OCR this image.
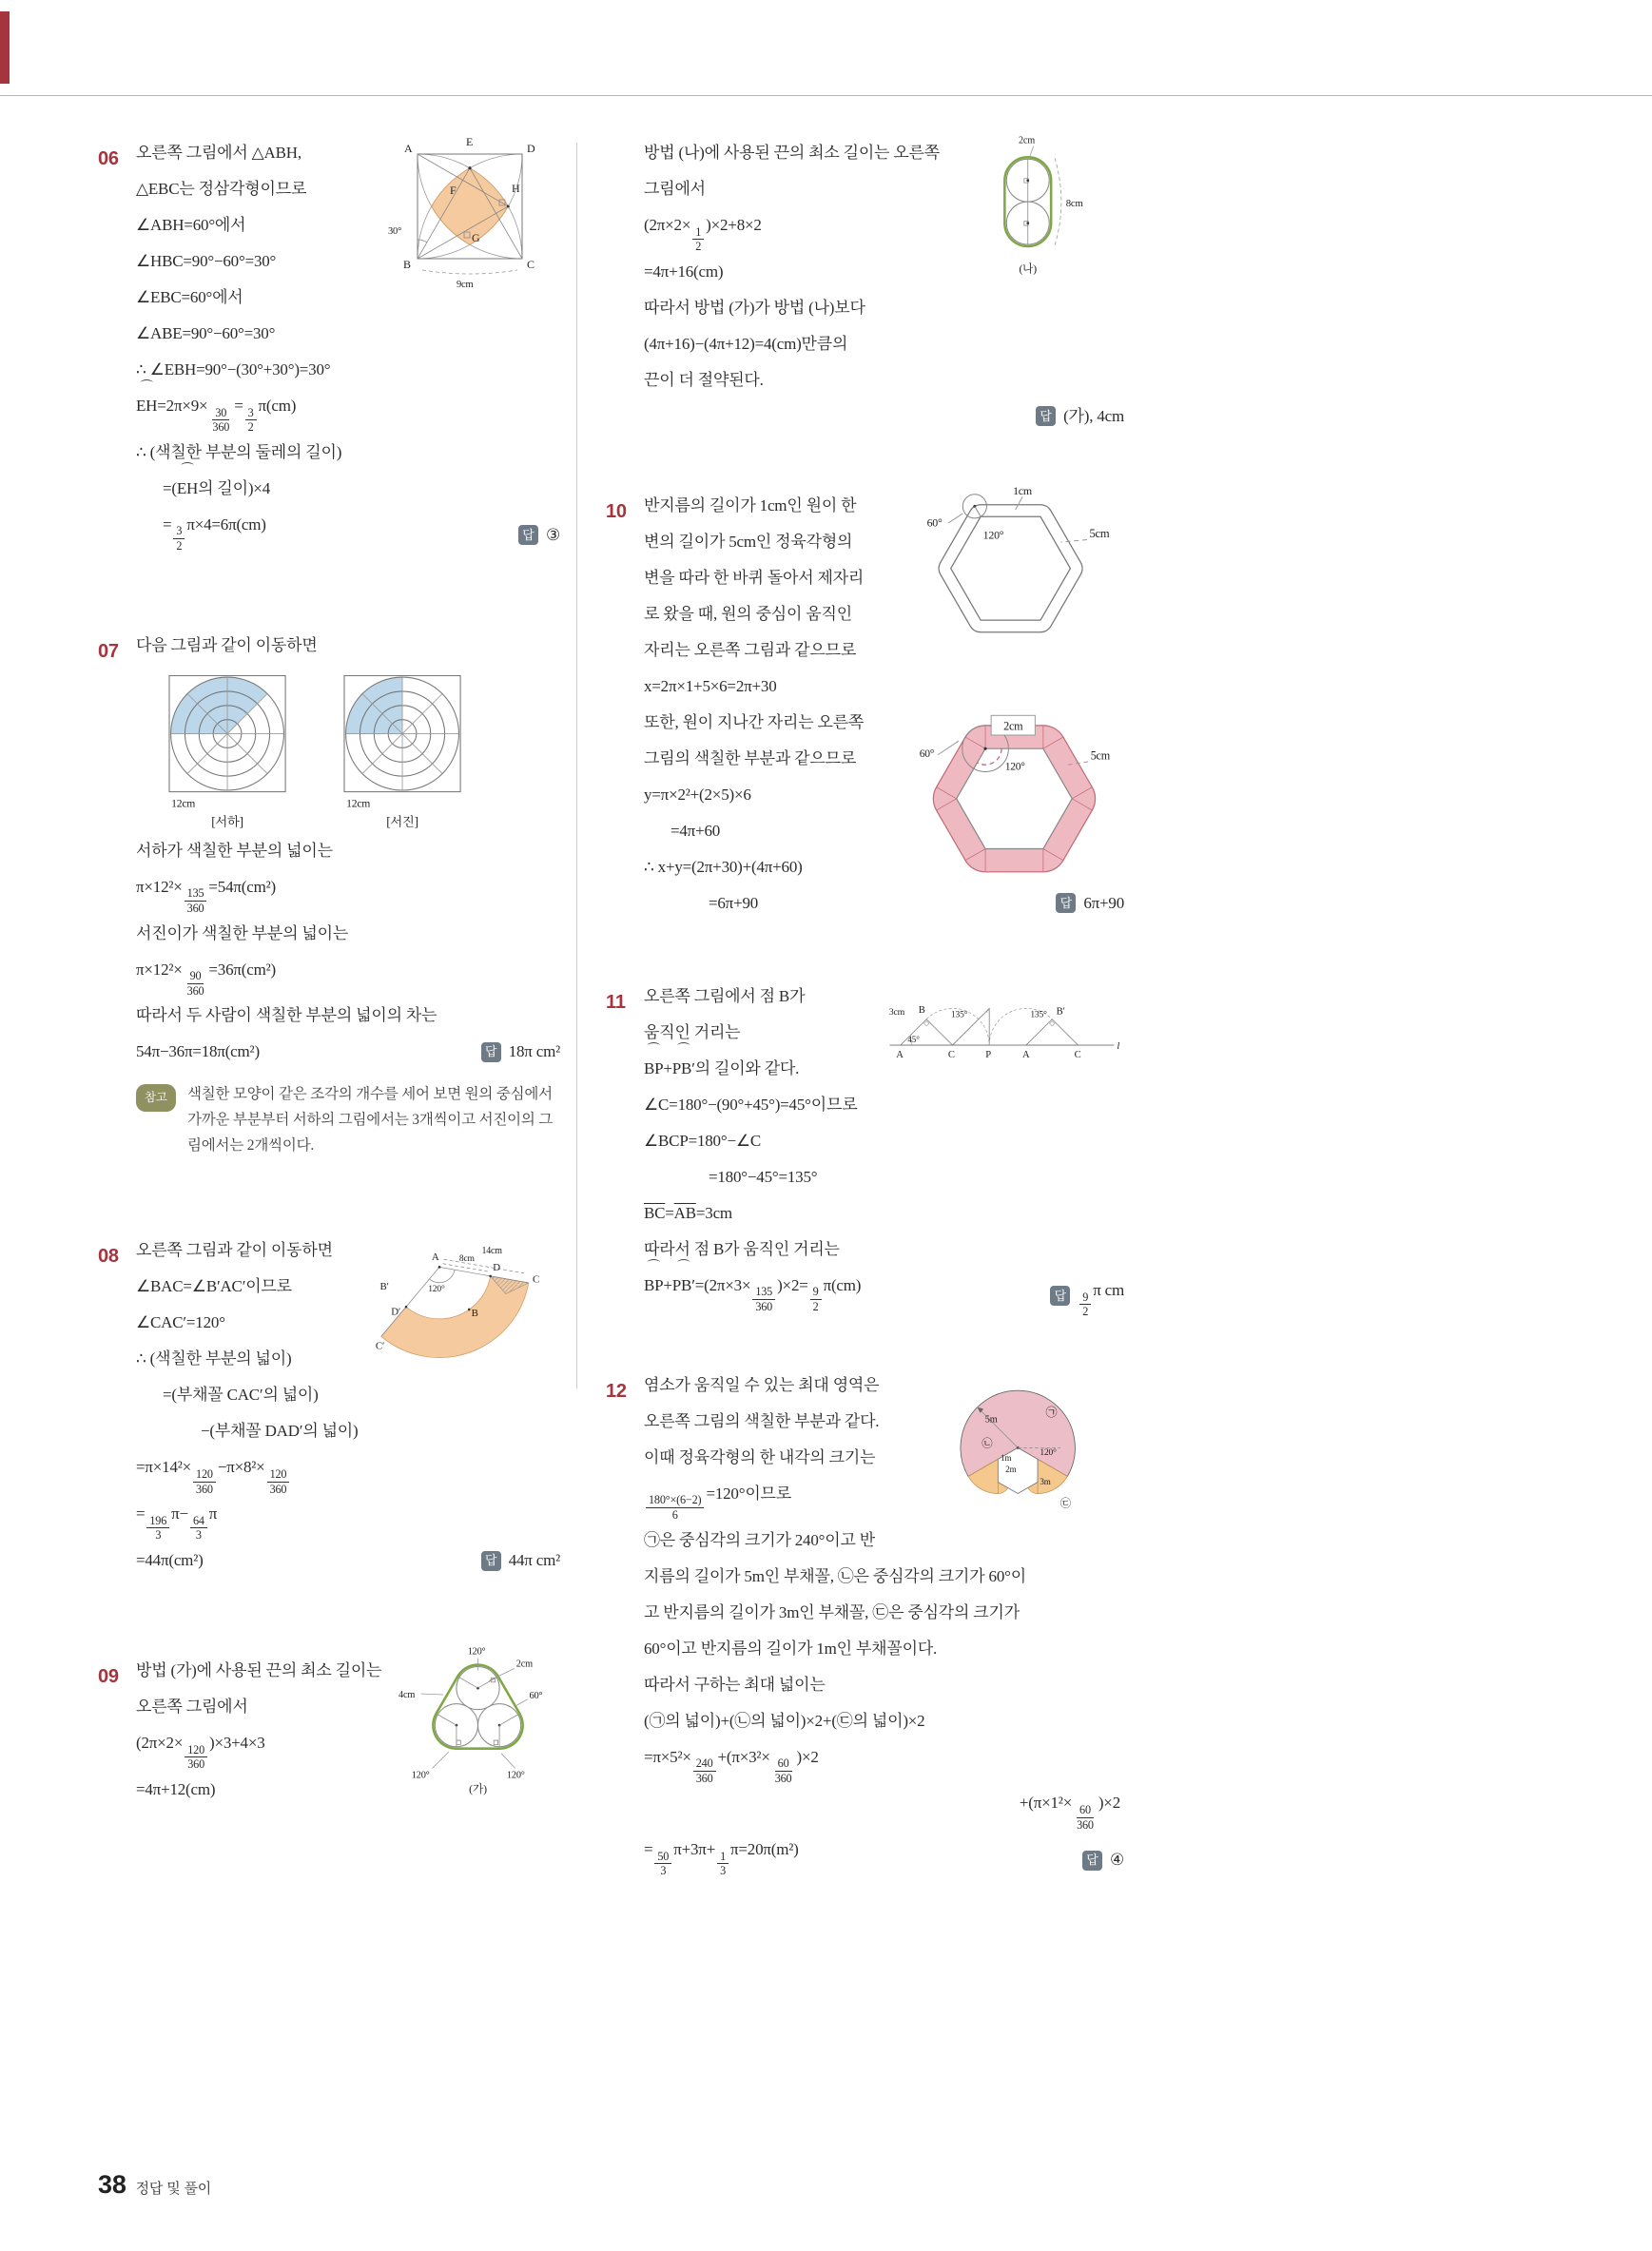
06	A	E	D
F	H
B
G
C
30°
9cm
오른쪽 그림에서 △ABH,
△EBC는 정삼각형이므로
∠ABH=60°에서
∠HBC=90°−60°=30°
∠EBC=60°에서
∠ABE=90°−60°=30°
∴ ∠EBH=90°−(30°+30°)=30°
⌒
$EH=2\pi\times 9\times \frac{30}{360} = \frac{3}{2} \pi(cm)$
∴ (색칠한 부분의 둘레의 길이)
=(
⌒
EH의 길이)×4
= $\frac{3}{2} \pi\times 4=6\pi(cm)$
답 ③
07 다음 그림과 같이 이동하면
12cm
[서하]
12cm
[서진]
서하가 색칠한 부분의 넓이는
$\pi\times 12^2\times \frac{135}{360} =54\pi(cm^2)$
서진이가 색칠한 부분의 넓이는
$\pi\times 12^2\times \frac{90}{360} =36\pi(cm^2)$
따라서 두 사람이 색칠한 부분의 넓이의 차는
54π−36π=18π(cm²)	답 18π cm²
참고	색칠한 모양이 같은 조각의 개수를 세어 보면 원의 중심에서 가까운 부분부터 서하의 그림에서는 3개씩이고 서진이의 그림에서는 2개씩이다.
08	A
14cm
D
8cm
C
120°
B′
D′	B
C′
오른쪽 그림과 같이 이동하면
∠BAC=∠B′AC′이므로
∠CAC′=120°
∴ (색칠한 부분의 넓이)
=(부채꼴 CAC′의 넓이)
−(부채꼴 DAD′의 넓이)
$=\pi\times 14^2\times \frac{120}{360} -\pi\times 8^2\times \frac{120}{360}$
= $\frac{196}{3} \pi- \frac{64}{3}$ π
=44π(cm²)	답 44π cm²
09
120°
2cm
60°
4cm
120°	120°
(가)
방법 (가)에 사용된 끈의 최소 길이는
오른쪽 그림에서
$(2\pi\times 2\times \frac{120}{360} )\times 3+4\times 3$
=4π+12(cm)
2cm
8cm
(나)
방법 (나)에 사용된 끈의 최소 길이는 오른쪽
그림에서
$(2\pi\times 2\times \frac{1}{2} )\times 2+8\times 2$
=4π+16(cm)
따라서 방법 (가)가 방법 (나)보다
(4π+16)−(4π+12)=4(cm)만큼의
끈이 더 절약된다.
답 (가), 4cm
10
1cm
5cm
120°
60°
2cm
5cm
60°
120°
반지름의 길이가 1cm인 원이 한
변의 길이가 5cm인 정육각형의
변을 따라 한 바퀴 돌아서 제자리
로 왔을 때, 원의 중심이 움직인
자리는 오른쪽 그림과 같으므로
x=2π×1+5×6=2π+30
또한, 원이 지나간 자리는 오른쪽
그림의 색칠한 부분과 같으므로
y=π×2²+(2×5)×6
=4π+60
∴ x+y=(2π+30)+(4π+60)
=6π+90	답 6π+90
11	3cm B 135°	135° B′
A
45°
C P A	C
l
오른쪽 그림에서 점 B가
움직인 거리는
⌒
BP+
⌒
PB′의 길이와 같다.
∠C=180°−(90°+45°)=45°이므로
∠BCP=180°−∠C
=180°−45°=135°
$\overline{BC}=\overline{AB}=3cm$
따라서 점 B가 움직인 거리는
⌒
BP+
⌒
$PB'=(2\pi\times 3\times \frac{135}{360} )\times 2= \frac{9}{2} \pi(cm)$
답	$\frac{9}{2}$ π cm
12
5m
㉠
120°
㉡
1m
2m
3m
㉢
염소가 움직일 수 있는 최대 영역은
오른쪽 그림의 색칠한 부분과 같다.
이때 정육각형의 한 내각의 크기는
$\frac{180^\circ\times(6-2)}{6} =120^\circ$이므로
㉠은 중심각의 크기가 240°이고 반
지름의 길이가 5m인 부채꼴, ㉡은 중심각의 크기가 60°이
고 반지름의 길이가 3m인 부채꼴, ㉢은 중심각의 크기가
60°이고 반지름의 길이가 1m인 부채꼴이다.
따라서 구하는 최대 넓이는
(㉠의 넓이)+(㉡의 넓이)×2+(㉢의 넓이)×2
$=\pi\times 5^2\times \frac{240}{360} +(\pi\times 3^2\times \frac{60}{360} )\times 2$
$+(\pi\times 1^2\times \frac{60}{360} )\times 2$
= $\frac{50}{3} \pi+3\pi+ \frac{1}{3} \pi=20\pi(m^2)$
답 ④
38 정답 및 풀이
